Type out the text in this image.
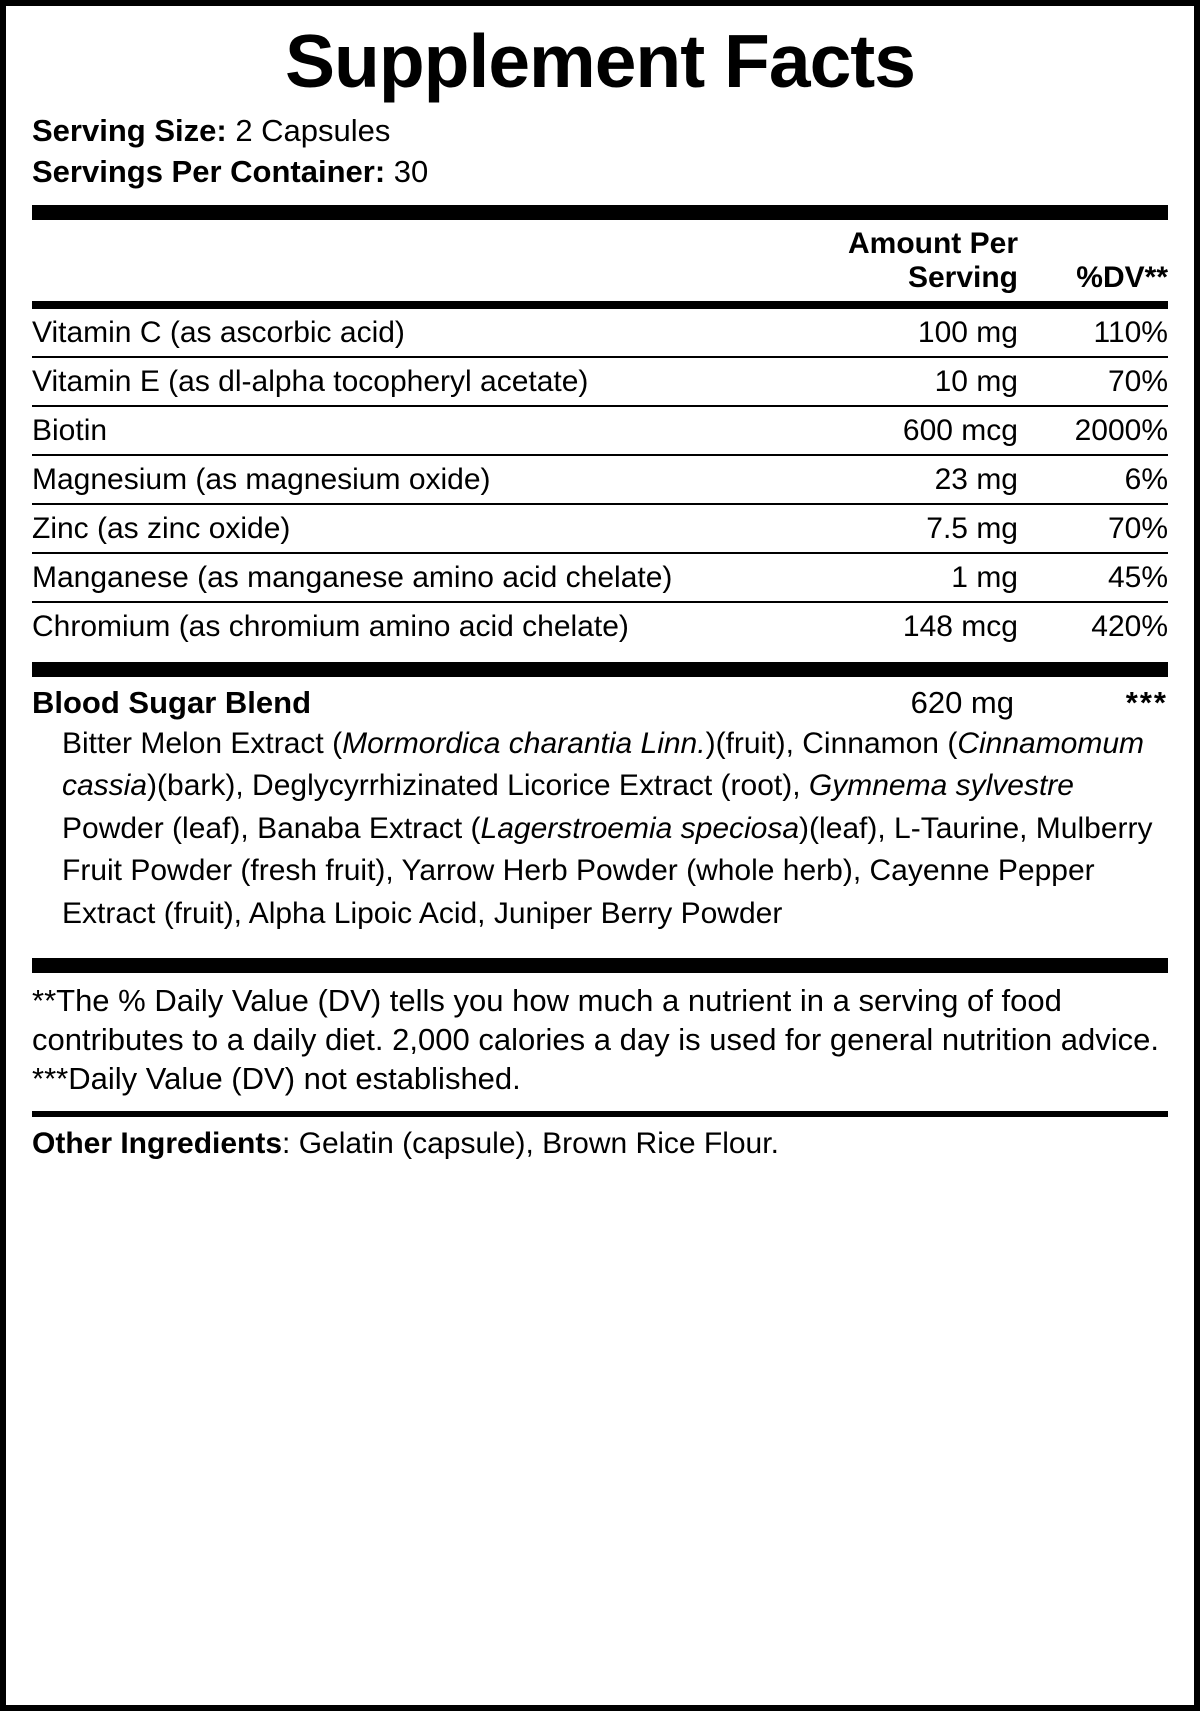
Supplement Facts
Serving Size: 2 Capsules
Servings Per Container: 30
	Amount Per Serving	%DV**
Vitamin C (as ascorbic acid)	100 mg	110%
Vitamin E (as dl-alpha tocopheryl acetate)	10 mg	70%
Biotin	600 mcg	2000%
Magnesium (as magnesium oxide)	23 mg	6%
Zinc (as zinc oxide)	7.5 mg	70%
Manganese (as manganese amino acid chelate)	1 mg	45%
Chromium (as chromium amino acid chelate)	148 mcg	420%
Blood Sugar Blend	620 mg	***
Bitter Melon Extract (Mormordica charantia Linn.)(fruit), Cinnamon (Cinnamomum cassia)(bark), Deglycyrrhizinated Licorice Extract (root), Gymnema sylvestre Powder (leaf), Banaba Extract (Lagerstroemia speciosa)(leaf), L-Taurine, Mulberry Fruit Powder (fresh fruit), Yarrow Herb Powder (whole herb), Cayenne Pepper Extract (fruit), Alpha Lipoic Acid, Juniper Berry Powder

**The % Daily Value (DV) tells you how much a nutrient in a serving of food contributes to a daily diet. 2,000 calories a day is used for general nutrition advice.

***Daily Value (DV) not established.

Other Ingredients: Gelatin (capsule), Brown Rice Flour.
